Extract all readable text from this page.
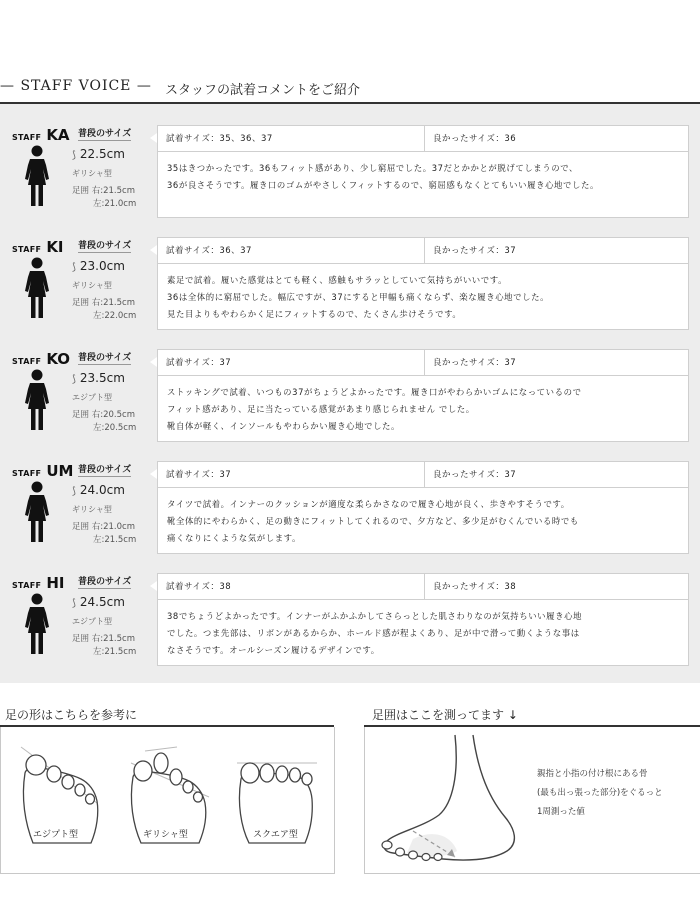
— STAFF VOICE — スタッフの試着コメントをご紹介
STAFF KA 普段のサイズ
⟆ 22.5cm
ギリシャ型
足囲 右:21.5cm
左:21.0cm
試着サイズ：35、36、37	良かったサイズ：36
35はきつかったです。36もフィット感があり、少し窮屈でした。37だとかかとが脱げてしまうので、
36が良さそうです。履き口のゴムがやさしくフィットするので、窮屈感もなくとてもいい履き心地でした。
STAFF KI 普段のサイズ
⟆ 23.0cm
ギリシャ型
足囲 右:21.5cm
左:22.0cm
試着サイズ：36、37	良かったサイズ：37
素足で試着。履いた感覚はとても軽く、感触もサラッとしていて気持ちがいいです。
36は全体的に窮屈でした。幅広ですが、37にすると甲幅も痛くならず、楽な履き心地でした。
見た目よりもやわらかく足にフィットするので、たくさん歩けそうです。
STAFF KO 普段のサイズ
⟆ 23.5cm
エジプト型
足囲 右:20.5cm
左:20.5cm
試着サイズ：37	良かったサイズ：37
ストッキングで試着、いつもの37がちょうどよかったです。履き口がやわらかいゴムになっているので
フィット感があり、足に当たっている感覚があまり感じられません でした。
靴自体が軽く、インソールもやわらかい履き心地でした。
STAFF UM 普段のサイズ
⟆ 24.0cm
ギリシャ型
足囲 右:21.0cm
左:21.5cm
試着サイズ：37	良かったサイズ：37
タイツで試着。インナーのクッションが適度な柔らかさなので履き心地が良く、歩きやすそうです。
靴全体的にやわらかく、足の動きにフィットしてくれるので、夕方など、多少足がむくんでいる時でも
痛くなりにくような気がします。
STAFF HI 普段のサイズ
⟆ 24.5cm
エジプト型
足囲 右:21.5cm
左:21.5cm
試着サイズ：38	良かったサイズ：38
38でちょうどよかったです。インナーがふかふかしてさらっとした肌さわりなのが気持ちいい履き心地
でした。つま先部は、リボンがあるからか、ホールド感が程よくあり、足が中で滑って動くような事は
なさそうです。オールシーズン履けるデザインです。
足の形はこちらを参考に
エジプト型	ギリシャ型	スクエア型
足囲はここを測ってます ↓
親指と小指の付け根にある骨
(最も出っ張った部分)をぐるっと
1周測った値
